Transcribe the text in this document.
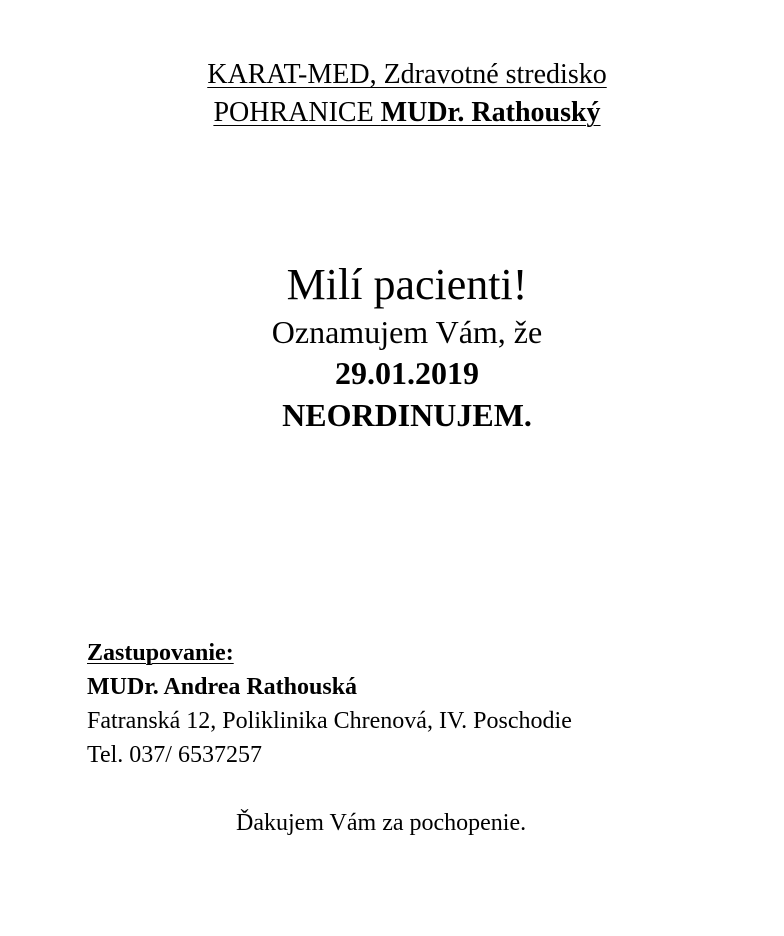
KARAT-MED, Zdravotné stredisko
POHRANICE MUDr. Rathouský
Milí pacienti!
Oznamujem Vám, že
29.01.2019
NEORDINUJEM.
Zastupovanie:
MUDr. Andrea Rathouská
Fatranská 12, Poliklinika Chrenová, IV. Poschodie
Tel. 037/ 6537257
Ďakujem Vám za pochopenie.
